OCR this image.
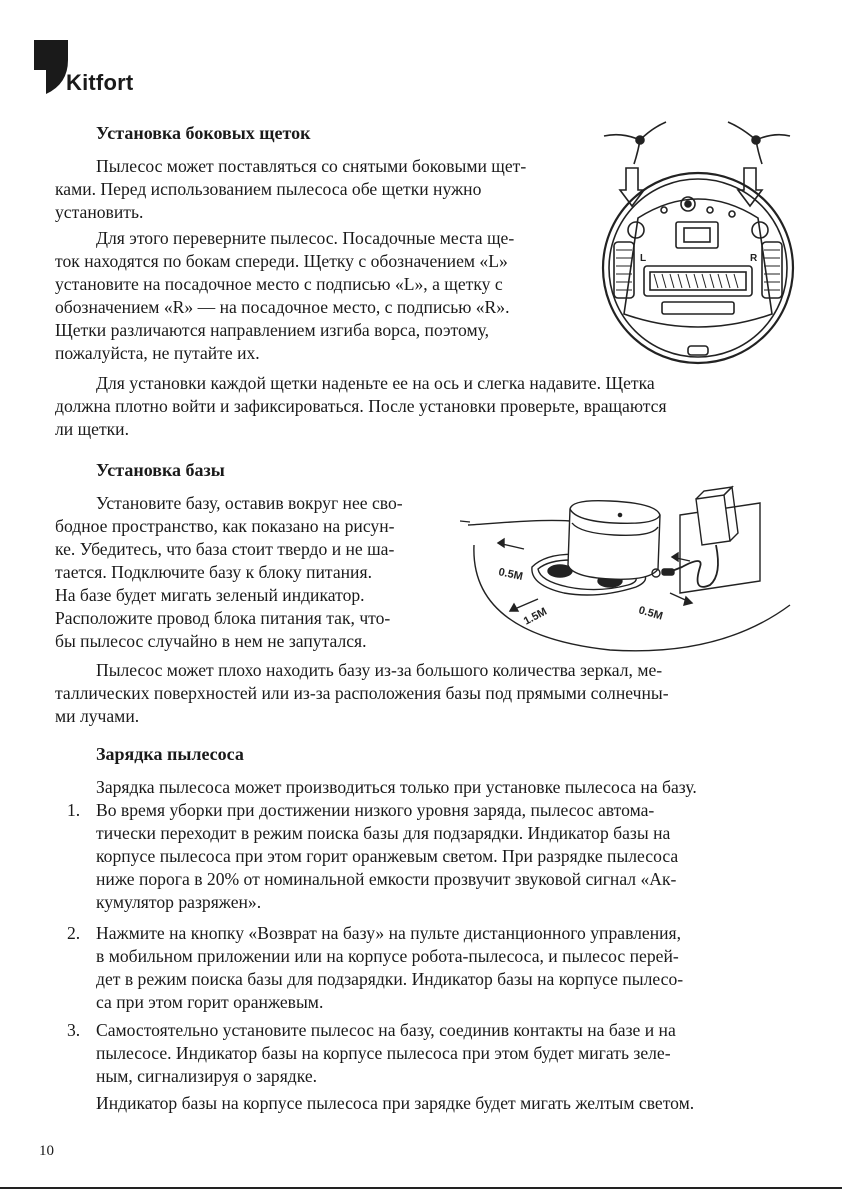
Kitfort
Установка боковых щеток
Пылесос может поставляться со снятыми боковыми щет-
ками. Перед использованием пылесоса обе щетки нужно
установить.
Для этого переверните пылесос. Посадочные места ще-
ток находятся по бокам спереди. Щетку с обозначением «L»
установите на посадочное место с подписью «L», а щетку с
обозначением «R» — на посадочное место, с подписью «R».
Щетки различаются направлением изгиба ворса, поэтому,
пожалуйста, не путайте их.
Для установки каждой щетки наденьте ее на ось и слегка надавите. Щетка
должна плотно войти и зафиксироваться. После установки проверьте, вращаются
ли щетки.
L	R
Установка базы
Установите базу, оставив вокруг нее сво-
бодное пространство, как показано на рисун-
ке. Убедитесь, что база стоит твердо и не ша-
тается. Подключите базу к блоку питания.
На базе будет мигать зеленый индикатор.
Расположите провод блока питания так, что-
бы пылесос случайно в нем не запутался.
Пылесос может плохо находить базу из-за большого количества зеркал, ме-
таллических поверхностей или из-за расположения базы под прямыми солнечны-
ми лучами.
0.5M
1.5M	0.5M
Зарядка пылесоса
Зарядка пылесоса может производиться только при установке пылесоса на базу.
1. Во время уборки при достижении низкого уровня заряда, пылесос автома-
тически переходит в режим поиска базы для подзарядки. Индикатор базы на
корпусе пылесоса при этом горит оранжевым светом. При разрядке пылесоса
ниже порога в 20% от номинальной емкости прозвучит звуковой сигнал «Ак-
кумулятор разряжен».
2. Нажмите на кнопку «Возврат на базу» на пульте дистанционного управления,
в мобильном приложении или на корпусе робота-пылесоса, и пылесос перей-
дет в режим поиска базы для подзарядки. Индикатор базы на корпусе пылесо-
са при этом горит оранжевым.
3. Самостоятельно установите пылесос на базу, соединив контакты на базе и на
пылесосе. Индикатор базы на корпусе пылесоса при этом будет мигать зеле-
ным, сигнализируя о зарядке.
Индикатор базы на корпусе пылесоса при зарядке будет мигать желтым светом.
10
